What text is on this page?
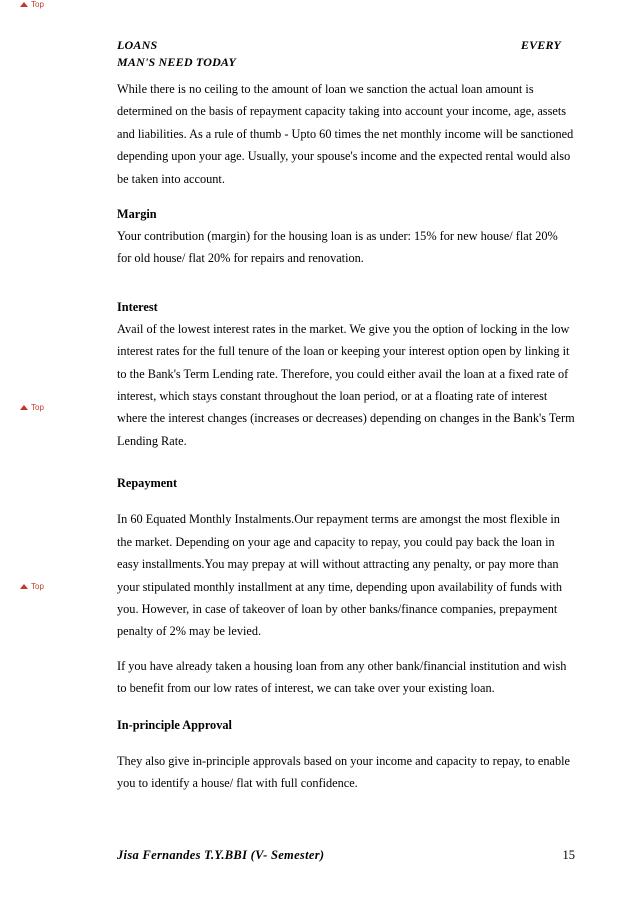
Top
Top
Top
LOANS	EVERY
MAN'S NEED TODAY

While there is no ceiling to the amount of loan we sanction the actual loan amount is determined on the basis of repayment capacity taking into account your income, age, assets and liabilities. As a rule of thumb - Upto 60 times the net monthly income will be sanctioned depending upon your age. Usually, your spouse's income and the expected rental would also be taken into account.

Margin

Your contribution (margin) for the housing loan is as under: 15% for new house/ flat 20% for old house/ flat 20% for repairs and renovation.

Interest

Avail of the lowest interest rates in the market. We give you the option of locking in the low interest rates for the full tenure of the loan or keeping your interest option open by linking it to the Bank's Term Lending rate. Therefore, you could either avail the loan at a fixed rate of interest, which stays constant throughout the loan period, or at a floating rate of interest where the interest changes (increases or decreases) depending on changes in the Bank's Term Lending Rate.

Repayment

In 60 Equated Monthly Instalments.Our repayment terms are amongst the most flexible in the market. Depending on your age and capacity to repay, you could pay back the loan in easy installments.You may prepay at will without attracting any penalty, or pay more than your stipulated monthly installment at any time, depending upon availability of funds with you. However, in case of takeover of loan by other banks/finance companies, prepayment penalty of 2% may be levied.

If you have already taken a housing loan from any other bank/financial institution and wish to benefit from our low rates of interest, we can take over your existing loan.

In-principle Approval

They also give in-principle approvals based on your income and capacity to repay, to enable you to identify a house/ flat with full confidence.

Jisa Fernandes T.Y.BBI (V- Semester)	15
